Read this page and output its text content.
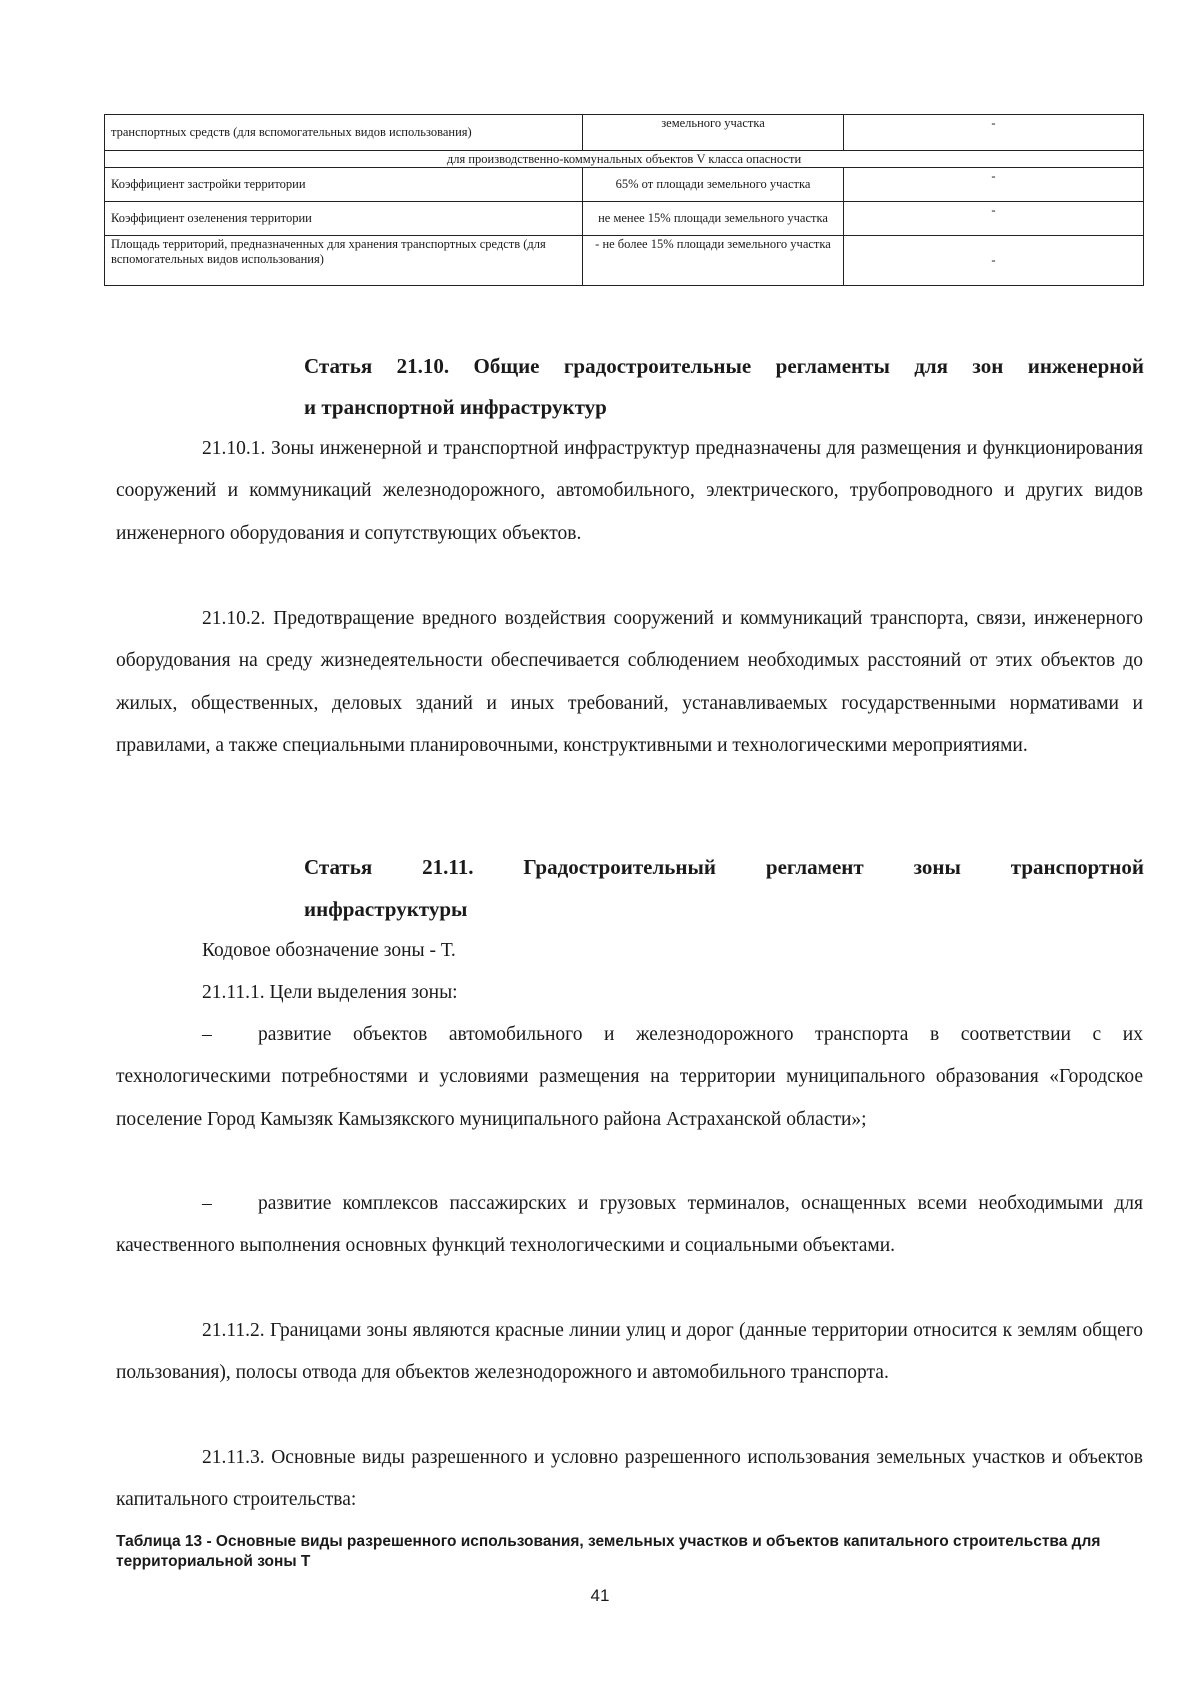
транспортных средств (для вспомогательных видов использования)	земельного участка	-
для производственно-коммунальных объектов V класса опасности		
Коэффициент застройки территории	65% от площади земельного участка	-
Коэффициент озеленения территории	не менее 15% площади земельного участка	-
Площадь территорий, предназначенных для хранения транспортных средств (для вспомогательных видов использования)	- не более 15% площади земельного участка	-
Статья 21.10. Общие градостроительные регламенты для зон инженерной
и транспортной инфраструктур

21.10.1. Зоны инженерной и транспортной инфраструктур предназначены для размещения и функционирования сооружений и коммуникаций железнодорожного, автомобильного, электрического, трубопроводного и других видов инженерного оборудования и сопутствующих объектов.

21.10.2. Предотвращение вредного воздействия сооружений и коммуникаций транспорта, связи, инженерного оборудования на среду жизнедеятельности обеспечивается соблюдением необходимых расстояний от этих объектов до жилых, общественных, деловых зданий и иных требований, устанавливаемых государственными нормативами и правилами, а также специальными планировочными, конструктивными и технологическими мероприятиями.

Статья 21.11. Градостроительный регламент зоны транспортной
инфраструктуры
Кодовое обозначение зоны - Т.
21.11.1. Цели выделения зоны:

– развитие объектов автомобильного и железнодорожного транспорта в соответствии с их технологическими потребностями и условиями размещения на территории муниципального образования «Городское поселение Город Камызяк Камызякского муниципального района Астраханской области»;

– развитие комплексов пассажирских и грузовых терминалов, оснащенных всеми необходимыми для качественного выполнения основных функций технологическими и социальными объектами.

21.11.2. Границами зоны являются красные линии улиц и дорог (данные территории относится к землям общего пользования), полосы отвода для объектов железнодорожного и автомобильного транспорта.

21.11.3. Основные виды разрешенного и условно разрешенного использования земельных участков и объектов капитального строительства:

Таблица 13 - Основные виды разрешенного использования, земельных участков и объектов капитального строительства для территориальной зоны Т
41
